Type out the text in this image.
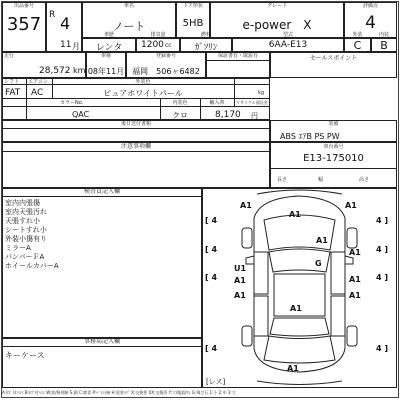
出品番号
357 R 4
11 月
車名
ノート
ドア形状
5HB
グレード
e-power　X
評価点
4
車歴
レンタ
排気量
1200 cc
燃料
ｶﾞｿﾘﾝ
型式
6AA-E13
外装
C
内装
B
走行
28,572 km
車検
08年11月
登録番号
福岡　506ヶ6482
保証書有・取説有	セールスポイント
シフト
FAT
エアコン
AC
外装色
ピュアホワイトパール	kg
カラーNo.
QAC
内装色
クロ
輸入車	リサイクル預託金
8,170 円
後日送付書類	装備
ABS ｴｱB PS PW
注意事項欄	車台番号
E13-175010
長さ	幅	高さ
検査員記入欄
室内内張傷
室内天張汚れ
天張すれ小
シートすれ小
外装小傷有り
ミラーA
バンパーＦA
ホイールカバーA
事務局記入欄
キーケース
[ 4	4 ]
A1	A1
A1
A1
[ 4	4 ]
A1
U1
G
A1	A1
[ 4	4 ]
A1	A1
A1
[ 4	4 ]
A1
[レス]
A:ｷｽﾞ U:ﾍｺﾐ B:ｷｽﾞ付ﾍｺﾐ W:波/修理跡 S:錆 C:腐食 P:ﾍﾟｲﾝﾄ跡 H:塗装ﾊｹﾞ X:交換要 XX:交換済 Y:穴/亀裂/ﾜﾚ G:飛び石 1:小 2:中 3:大
